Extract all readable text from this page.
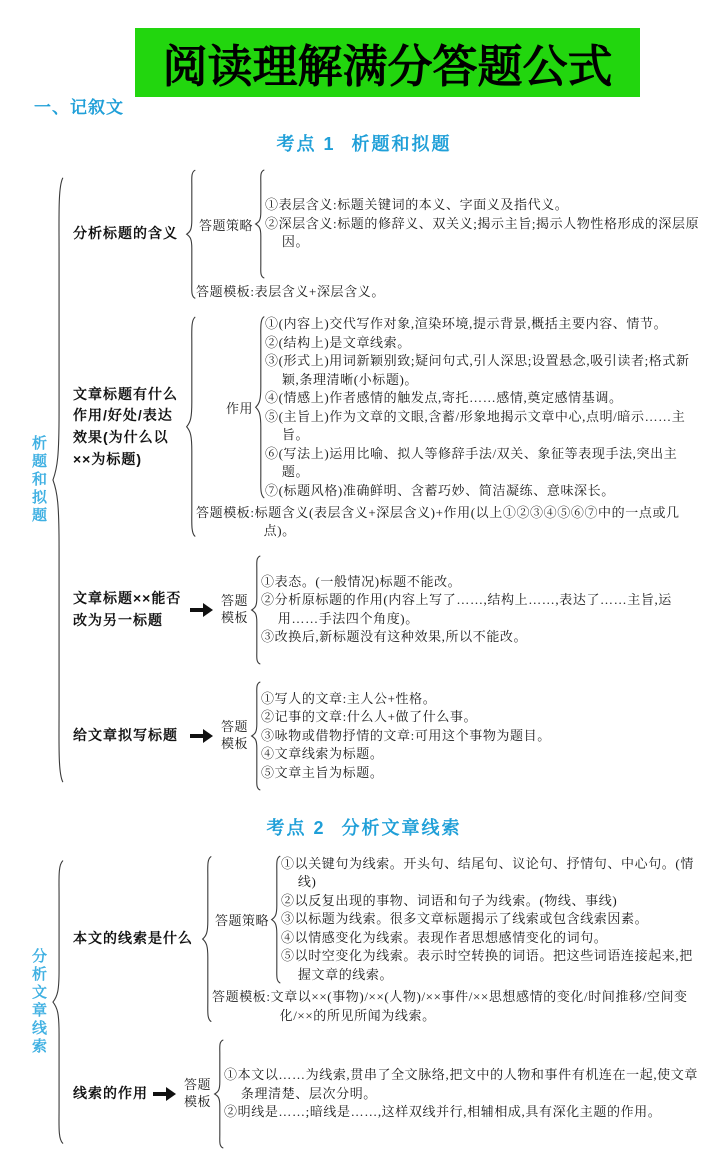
阅读理解满分答题公式
一、记叙文
考点 1 析题和拟题
析题和拟题
分析标题的含义
答题策略
①表层含义:标题关键词的本义、字面义及指代义。
②深层含义:标题的修辞义、双关义;揭示主旨;揭示人物性格形成的深层原因。
答题模板:表层含义+深层含义。
文章标题有什么作用/好处/表达效果(为什么以××为标题)
作用
①(内容上)交代写作对象,渲染环境,提示背景,概括主要内容、情节。
②(结构上)是文章线索。
③(形式上)用词新颖别致;疑问句式,引人深思;设置悬念,吸引读者;格式新颖,条理清晰(小标题)。
④(情感上)作者感情的触发点,寄托……感情,奠定感情基调。
⑤(主旨上)作为文章的文眼,含蓄/形象地揭示文章中心,点明/暗示……主旨。
⑥(写法上)运用比喻、拟人等修辞手法/双关、象征等表现手法,突出主题。
⑦(标题风格)准确鲜明、含蓄巧妙、简洁凝练、意味深长。
答题模板:标题含义(表层含义+深层含义)+作用(以上①②③④⑤⑥⑦中的一点或几点)。
文章标题××能否改为另一标题
答题
模板
①表态。(一般情况)标题不能改。
②分析原标题的作用(内容上写了……,结构上……,表达了……主旨,运用……手法四个角度)。
③改换后,新标题没有这种效果,所以不能改。
给文章拟写标题
答题
模板
①写人的文章:主人公+性格。
②记事的文章:什么人+做了什么事。
③咏物或借物抒情的文章:可用这个事物为题目。
④文章线索为标题。
⑤文章主旨为标题。
考点 2 分析文章线索
分析文章线索
本文的线索是什么
答题策略
①以关键句为线索。开头句、结尾句、议论句、抒情句、中心句。(情线)
②以反复出现的事物、词语和句子为线索。(物线、事线)
③以标题为线索。很多文章标题揭示了线索或包含线索因素。
④以情感变化为线索。表现作者思想感情变化的词句。
⑤以时空变化为线索。表示时空转换的词语。把这些词语连接起来,把握文章的线索。
答题模板:文章以××(事物)/××(人物)/××事件/××思想感情的变化/时间推移/空间变化/××的所见所闻为线索。
线索的作用
答题
模板
①本文以……为线索,贯串了全文脉络,把文中的人物和事件有机连在一起,使文章条理清楚、层次分明。
②明线是……;暗线是……,这样双线并行,相辅相成,具有深化主题的作用。
